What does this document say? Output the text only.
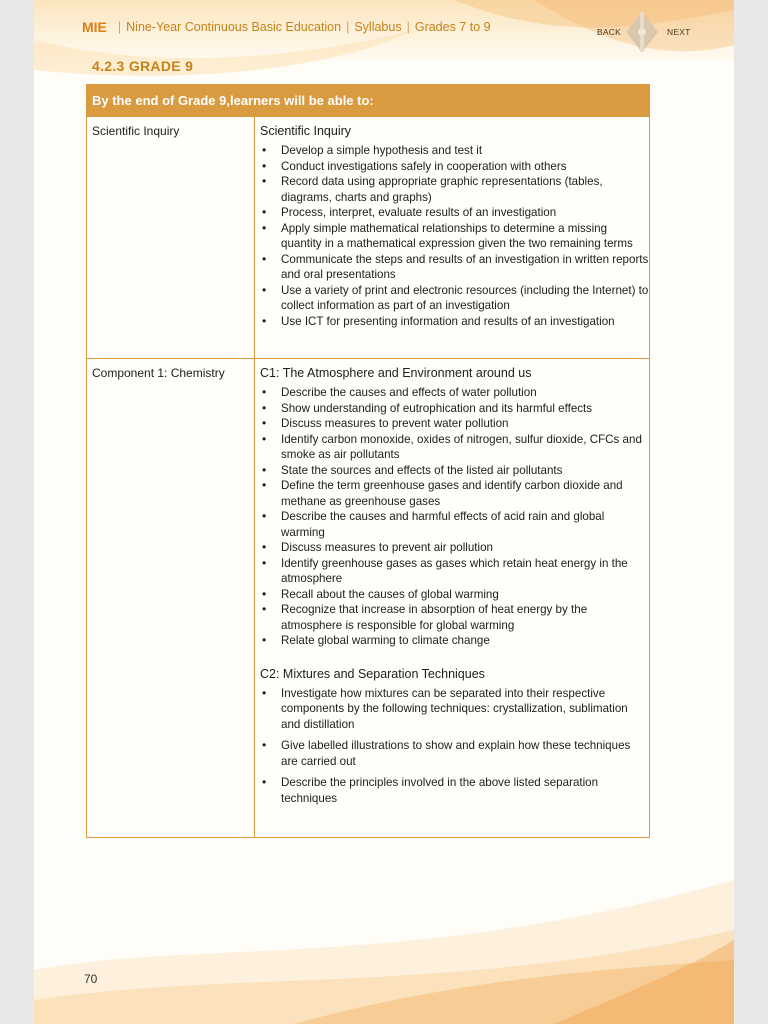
MIE | Nine-Year Continuous Basic Education | Syllabus | Grades 7 to 9	BACK	NEXT
4.2.3 GRADE 9
By the end of Grade 9,learners will be able to:
Scientific Inquiry	Scientific Inquiry
• Develop a simple hypothesis and test it
• Conduct investigations safely in cooperation with others
• Record data using appropriate graphic representations (tables, diagrams, charts and graphs)
• Process, interpret, evaluate results of an investigation
• Apply simple mathematical relationships to determine a missing quantity in a mathematical expression given the two remaining terms
• Communicate the steps and results of an investigation in written reports and oral presentations
• Use a variety of print and electronic resources (including the Internet) to collect information as part of an investigation
• Use ICT for presenting information and results of an investigation
Component 1: Chemistry	C1: The Atmosphere and Environment around us
• Describe the causes and effects of water pollution
• Show understanding of eutrophication and its harmful effects
• Discuss measures to prevent water pollution
• Identify carbon monoxide, oxides of nitrogen, sulfur dioxide, CFCs and smoke as air pollutants
• State the sources and effects of the listed air pollutants
• Define the term greenhouse gases and identify carbon dioxide and methane as greenhouse gases
• Describe the causes and harmful effects of acid rain and global warming
• Discuss measures to prevent air pollution
• Identify greenhouse gases as gases which retain heat energy in the atmosphere
• Recall about the causes of global warming
• Recognize that increase in absorption of heat energy by the atmosphere is responsible for global warming
• Relate global warming to climate change
C2: Mixtures and Separation Techniques
• Investigate how mixtures can be separated into their respective components by the following techniques: crystallization, sublimation and distillation
• Give labelled illustrations to show and explain how these techniques are carried out
• Describe the principles involved in the above listed separation techniques
70
